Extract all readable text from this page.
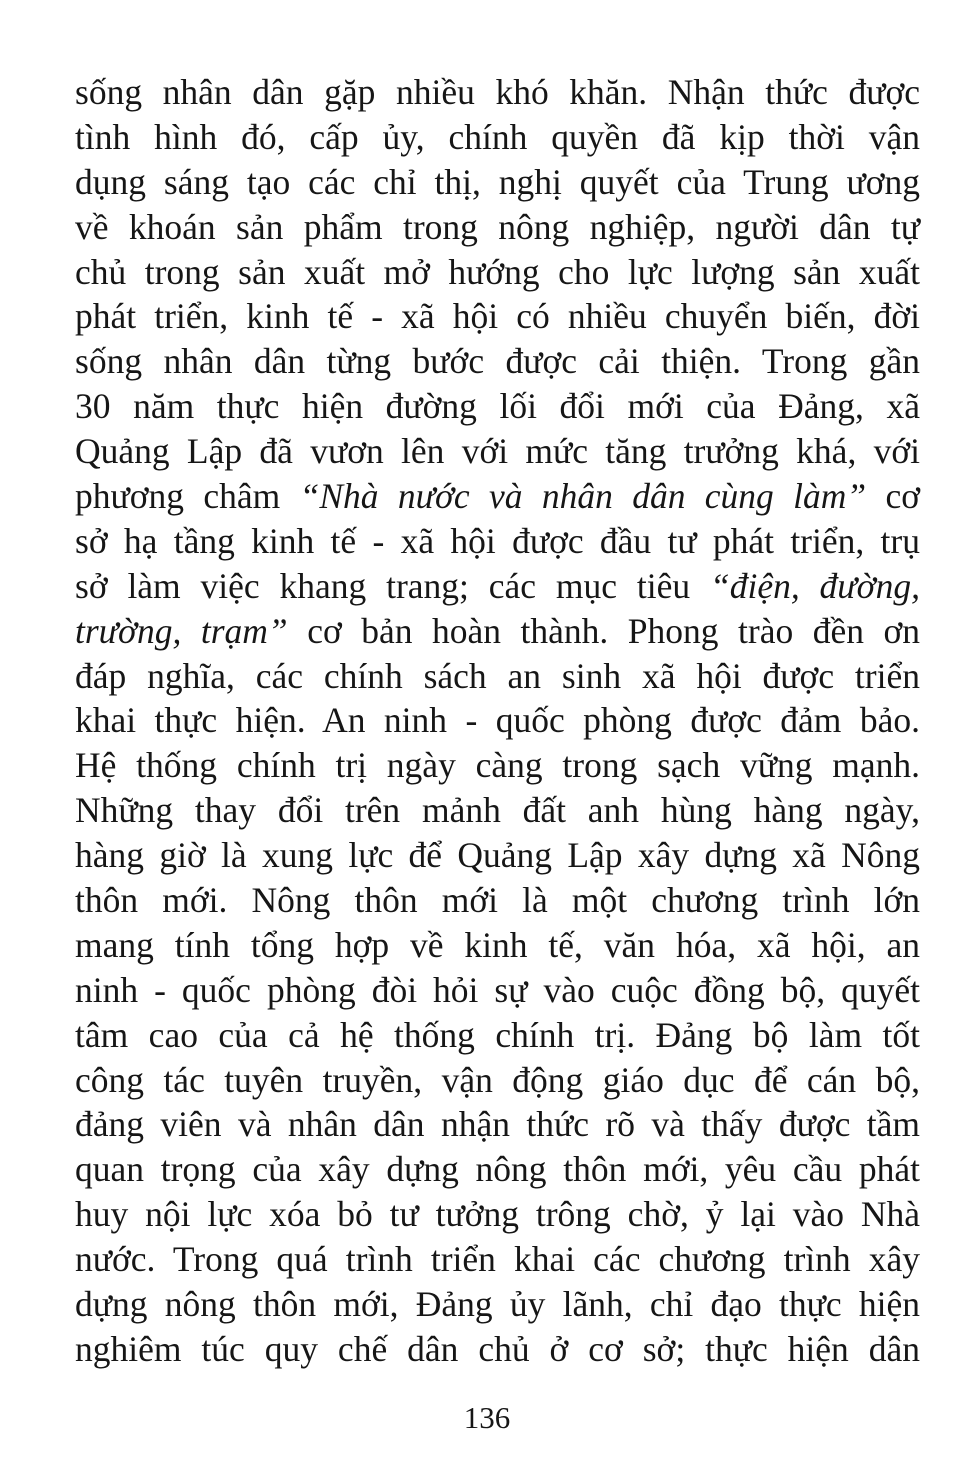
sống nhân dân gặp nhiều khó khăn. Nhận thức được
tình hình đó, cấp ủy, chính quyền đã kịp thời vận
dụng sáng tạo các chỉ thị, nghị quyết của Trung ương
về khoán sản phẩm trong nông nghiệp, người dân tự
chủ trong sản xuất mở hướng cho lực lượng sản xuất
phát triển, kinh tế - xã hội có nhiều chuyển biến, đời
sống nhân dân từng bước được cải thiện. Trong gần
30 năm thực hiện đường lối đổi mới của Đảng, xã
Quảng Lập đã vươn lên với mức tăng trưởng khá, với
phương châm “Nhà nước và nhân dân cùng làm” cơ
sở hạ tầng kinh tế - xã hội được đầu tư phát triển, trụ
sở làm việc khang trang; các mục tiêu “điện, đường,
trường, trạm” cơ bản hoàn thành. Phong trào đền ơn
đáp nghĩa, các chính sách an sinh xã hội được triển
khai thực hiện. An ninh - quốc phòng được đảm bảo.
Hệ thống chính trị ngày càng trong sạch vững mạnh.
Những thay đổi trên mảnh đất anh hùng hàng ngày,
hàng giờ là xung lực để Quảng Lập xây dựng xã Nông
thôn mới. Nông thôn mới là một chương trình lớn
mang tính tổng hợp về kinh tế, văn hóa, xã hội, an
ninh - quốc phòng đòi hỏi sự vào cuộc đồng bộ, quyết
tâm cao của cả hệ thống chính trị. Đảng bộ làm tốt
công tác tuyên truyền, vận động giáo dục để cán bộ,
đảng viên và nhân dân nhận thức rõ và thấy được tầm
quan trọng của xây dựng nông thôn mới, yêu cầu phát
huy nội lực xóa bỏ tư tưởng trông chờ, ỷ lại vào Nhà
nước. Trong quá trình triển khai các chương trình xây
dựng nông thôn mới, Đảng ủy lãnh, chỉ đạo thực hiện
nghiêm túc quy chế dân chủ ở cơ sở; thực hiện dân
136
